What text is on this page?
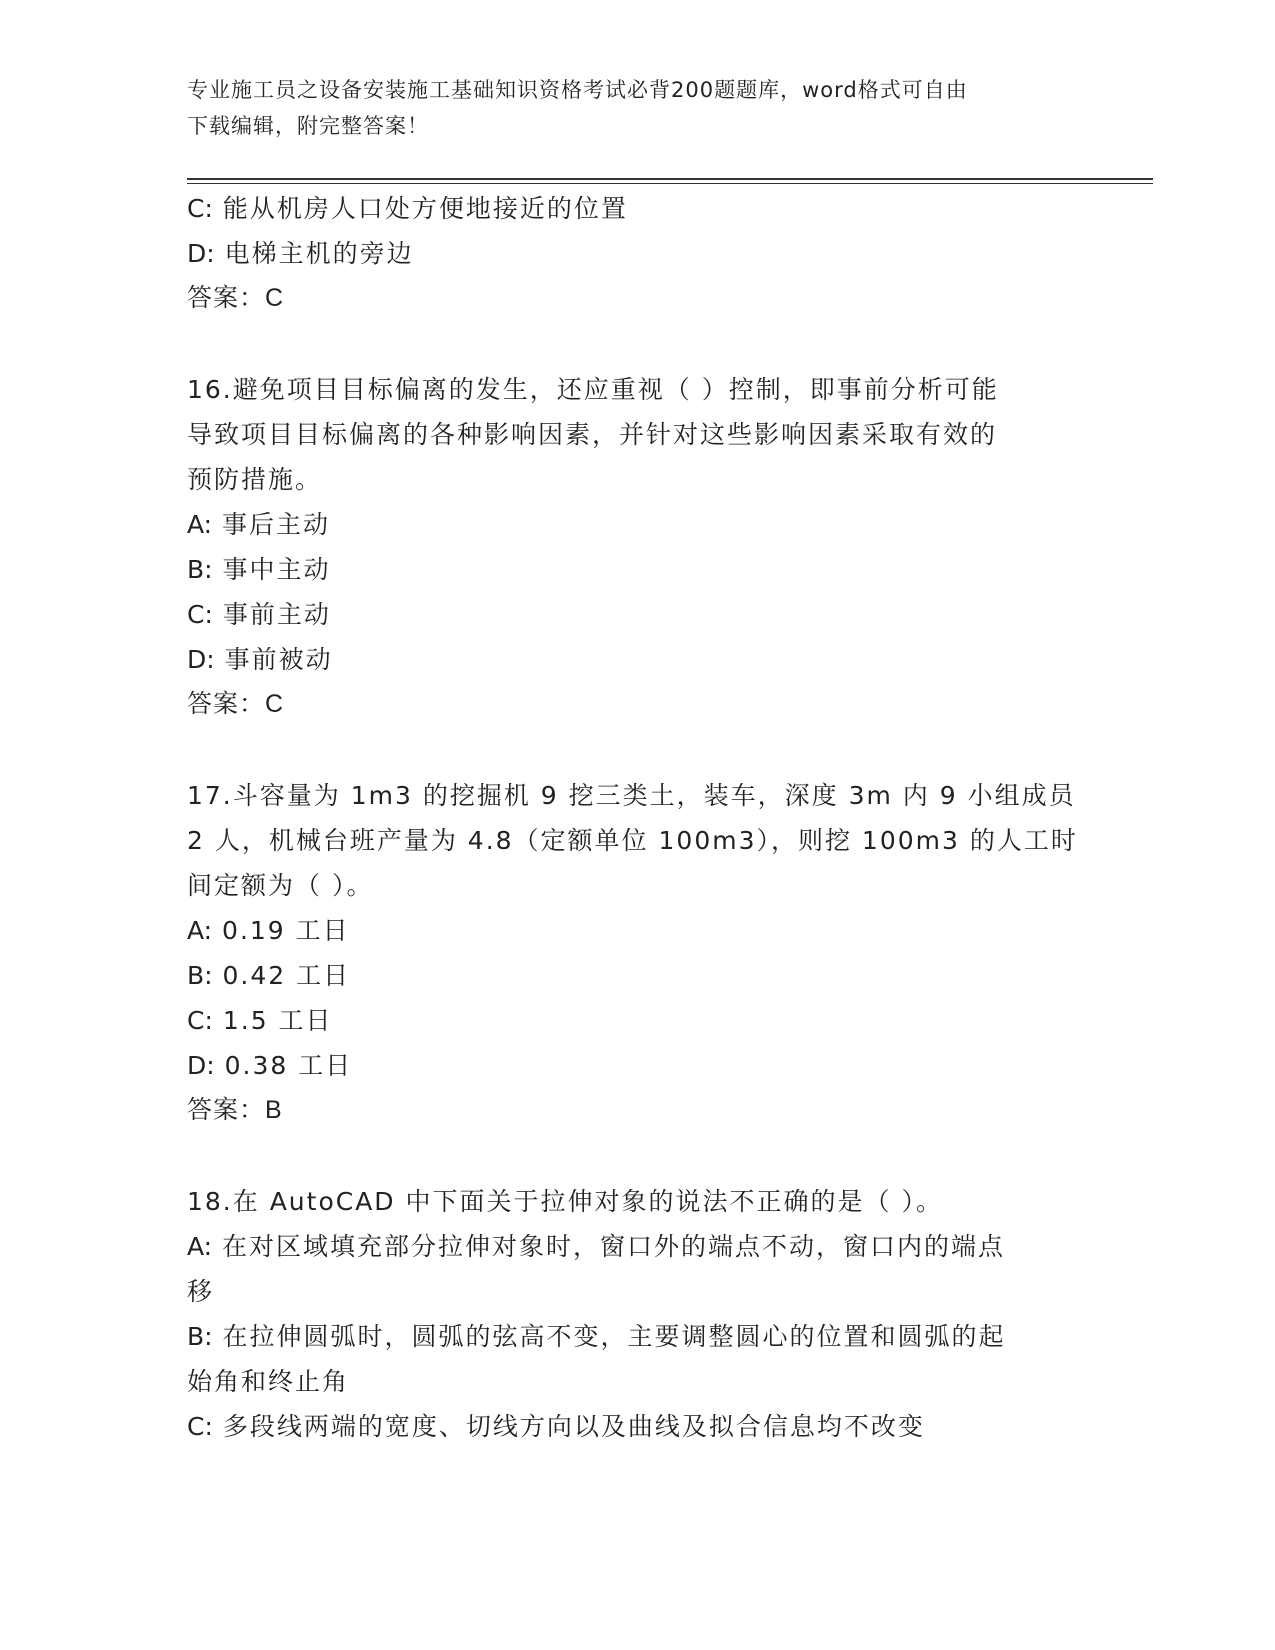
专业施工员之设备安装施工基础知识资格考试必背200题题库，word格式可自由
下载编辑，附完整答案！
C: 能从机房人口处方便地接近的位置
D: 电梯主机的旁边
答案：C
16.避免项目目标偏离的发生，还应重视（ ）控制，即事前分析可能
导致项目目标偏离的各种影响因素，并针对这些影响因素采取有效的
预防措施。
A: 事后主动
B: 事中主动
C: 事前主动
D: 事前被动
答案：C
17.斗容量为 1m3 的挖掘机 9 挖三类土，装车，深度 3m 内 9 小组成员
2 人，机械台班产量为 4.8（定额单位 100m3），则挖 100m3 的人工时
间定额为（ ）。
A: 0.19 工日
B: 0.42 工日
C: 1.5 工日
D: 0.38 工日
答案：B
18.在 AutoCAD 中下面关于拉伸对象的说法不正确的是（ ）。
A: 在对区域填充部分拉伸对象时，窗口外的端点不动，窗口内的端点
移
B: 在拉伸圆弧时，圆弧的弦高不变，主要调整圆心的位置和圆弧的起
始角和终止角
C: 多段线两端的宽度、切线方向以及曲线及拟合信息均不改变
